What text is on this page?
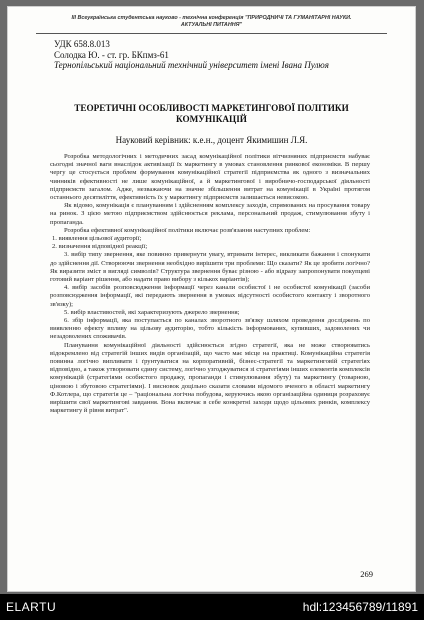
III Всеукраїнська студентська науково - технічна конференція "ПРИРОДНИЧІ ТА ГУМАНІТАРНІ НАУКИ.
АКТУАЛЬНІ ПИТАННЯ"
УДК 658.8.013
Солодка Ю. - ст. гр. БКпмз-61
Тернопільський національний технічний університет імені Івана Пулюя
ТЕОРЕТИЧНІ ОСОБЛИВОСТІ МАРКЕТИНГОВОЇ ПОЛІТИКИ
КОМУНІКАЦІЙ
Науковий керівник: к.е.н., доцент Якимишин Л.Я.

Розробка методологічних і методичних засад комунікаційної політики вітчизняних підприємств набуває сьогодні значної ваги внаслідок активізації їх маркетингу в умовах становлення ринкової економіки. В першу чергу це стосується проблем формування комунікаційної стратегії підприємства як одного з визначальних чинників ефективності не лише комунікаційної, а й маркетингової і виробничо-господарської діяльності підприємств загалом. Адже, незважаючи на значне збільшення витрат на комунікації в Україні протягом останнього десятиліття, ефективність їх у маркетингу підприємств залишається невисокою.

Як відомо, комунікація є плануванням і здійсненням комплексу заходів, спрямованих на просування товару на ринок. З цією метою підприємством здійснюється реклама, персональний продаж, стимулювання збуту і пропаганда.

Розробка ефективної комунікаційної політики включає розв'язання наступних проблем:

1. виявлення цільової аудиторії;

2. визначення відповідної реакції;

3. вибір типу звернення, яке повинно привернути увагу, втримати інтерес, викликати бажання і спонукати до здійснення дії. Створюючи звернення необхідно вирішити три проблеми: Що сказати? Як це зробити логічно? Як виразити зміст в вигляді символів? Структура звернення буває різною - або відразу запропонувати покупцеві готовий варіант рішення, або надати право вибору з кількох варіантів);

4. вибір засобів розповсюдження інформації через канали особистої і не особистої комунікації (засоби розповсюдження інформації, які передають звернення в умовах відсутності особистого контакту і зворотного зв'язку);

5. вибір властивостей, які характеризують джерело звернення;

6. збір інформації, яка поступається по каналах зворотного зв'язку шляхом проведення досліджень по виявленню ефекту впливу на цільову аудиторію, тобто кількість інформованих, купивших, задоволених чи незадоволених споживачів.

Планування комунікаційної діяльності здійснюється згідно стратегії, яка не може створюватись відокремлено від стратегій інших видів організацій, що часто має місце на практиці. Комунікаційна стратегія повинна логічно випливати і ґрунтуватися на корпоративній, бізнес-стратегії та маркетинговій стратегіях відповідно, а також утворювати єдину систему, логічно узгоджуватися зі стратегіями інших елементів комплексів комунікацій (стратегіями особистого продажу, пропаганди і стимулювання збуту) та маркетингу (товарною, ціновою і збутовою стратегіями). І висновок доцільно сказати словами відомого вченого в області маркетингу Ф.Котлера, що стратегія це – "раціональна логічна побудова, керуючись якою організаційна одиниця розраховує вирішити свої маркетингові завдання. Вона включає в себе конкретні заходи щодо цільових ринків, комплексу маркетингу й рівня витрат".

269
ELARTU	hdl:123456789/11891
